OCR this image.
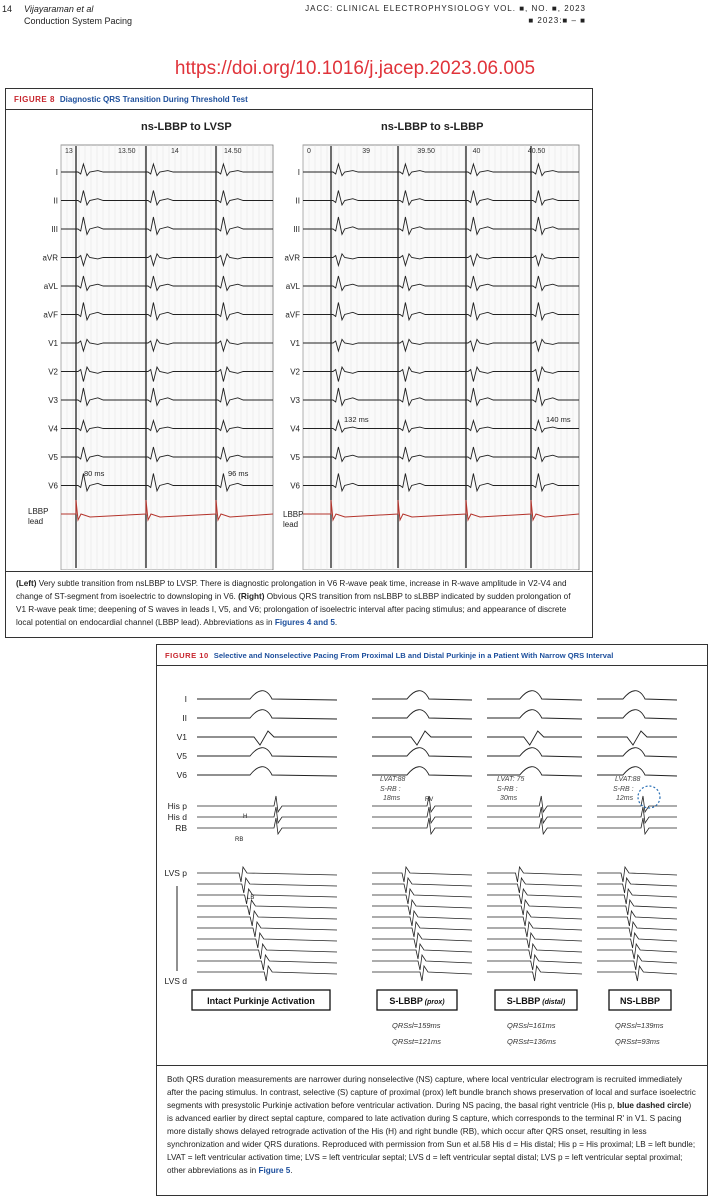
14 Vijayaraman et al
Conduction System Pacing
JACC: CLINICAL ELECTROPHYSIOLOGY VOL. ■, NO. ■, 2023
■ 2023:■ – ■
https://doi.org/10.1016/j.jacep.2023.06.005
FIGURE 8 Diagnostic QRS Transition During Threshold Test
ns-LBBP to LVSP	ns-LBBP to s-LBBP
13	13.50	14	14.50	0	39	39.50	40	40.50
I	I
II	II
III	III
aVR	aVR
aVL	aVL
aVF	aVF
V1	V1
V2	V2
V3	V3
V4	V4
V5	V5
V6	V6
LBBP
lead
LBBP
lead
80 ms	96 ms
132 ms	140 ms
(Left) Very subtle transition from nsLBBP to LVSP. There is diagnostic prolongation in V6 R-wave peak time, increase in R-wave amplitude in V2-V4 and change of ST-segment from isoelectric to downsloping in V6. (Right) Obvious QRS transition from nsLBBP to sLBBP indicated by sudden prolongation of V1 R-wave peak time; deepening of S waves in leads I, V5, and V6; prolongation of isoelectric interval after pacing stimulus; and appearance of discrete local potential on endocardial channel (LBBP lead). Abbreviations as in Figures 4 and 5.
FIGURE 10 Selective and Nonselective Pacing From Proximal LB and Distal Purkinje in a Patient With Narrow QRS Interval
I
II
V1
V5
V6
His p
His d
RB
LVS p
LVS d
H
RB
LB
RV
LVAT:88
S-RB :
18ms
LVAT: 75
S-RB :
30ms
LVAT:88
S-RB :
12ms
Intact Purkinje Activation	S-LBBP (prox)	S-LBBP (distal)	NS-LBBP
QRSsl=159ms
QRSst=121ms
QRSsl=161ms
QRSst=136ms
QRSsl=139ms
QRSst=93ms
Both QRS duration measurements are narrower during nonselective (NS) capture, where local ventricular electrogram is recruited immediately after the pacing stimulus. In contrast, selective (S) capture of proximal (prox) left bundle branch shows preservation of local and surface isoelectric segments with presystolic Purkinje activation before ventricular activation. During NS pacing, the basal right ventricle (His p, blue dashed circle) is advanced earlier by direct septal capture, compared to late activation during S capture, which corresponds to the terminal R' in V1. S pacing more distally shows delayed retrograde activation of the His (H) and right bundle (RB), which occur after QRS onset, resulting in less synchronization and wider QRS durations. Reproduced with permission from Sun et al.58 His d = His distal; His p = His proximal; LB = left bundle; LVAT = left ventricular activation time; LVS = left ventricular septal; LVS d = left ventricular septal distal; LVS p = left ventricular septal proximal; other abbreviations as in Figure 5.
